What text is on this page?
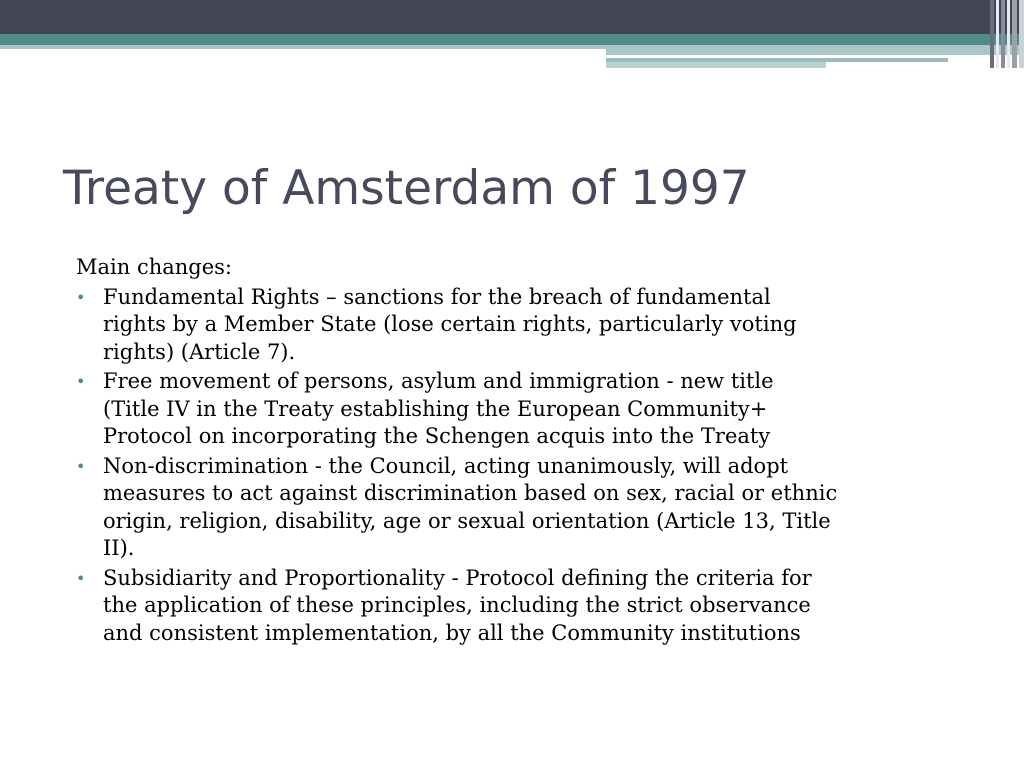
Treaty of Amsterdam of 1997

Main changes:

• Fundamental Rights – sanctions for the breach of fundamental
rights by a Member State (lose certain rights, particularly voting
rights) (Article 7).
• Free movement of persons, asylum and immigration - new title
(Title IV in the Treaty establishing the European Community+
Protocol on incorporating the Schengen acquis into the Treaty
• Non-discrimination - the Council, acting unanimously, will adopt
measures to act against discrimination based on sex, racial or ethnic
origin, religion, disability, age or sexual orientation (Article 13, Title
II).
• Subsidiarity and Proportionality - Protocol defining the criteria for
the application of these principles, including the strict observance
and consistent implementation, by all the Community institutions
